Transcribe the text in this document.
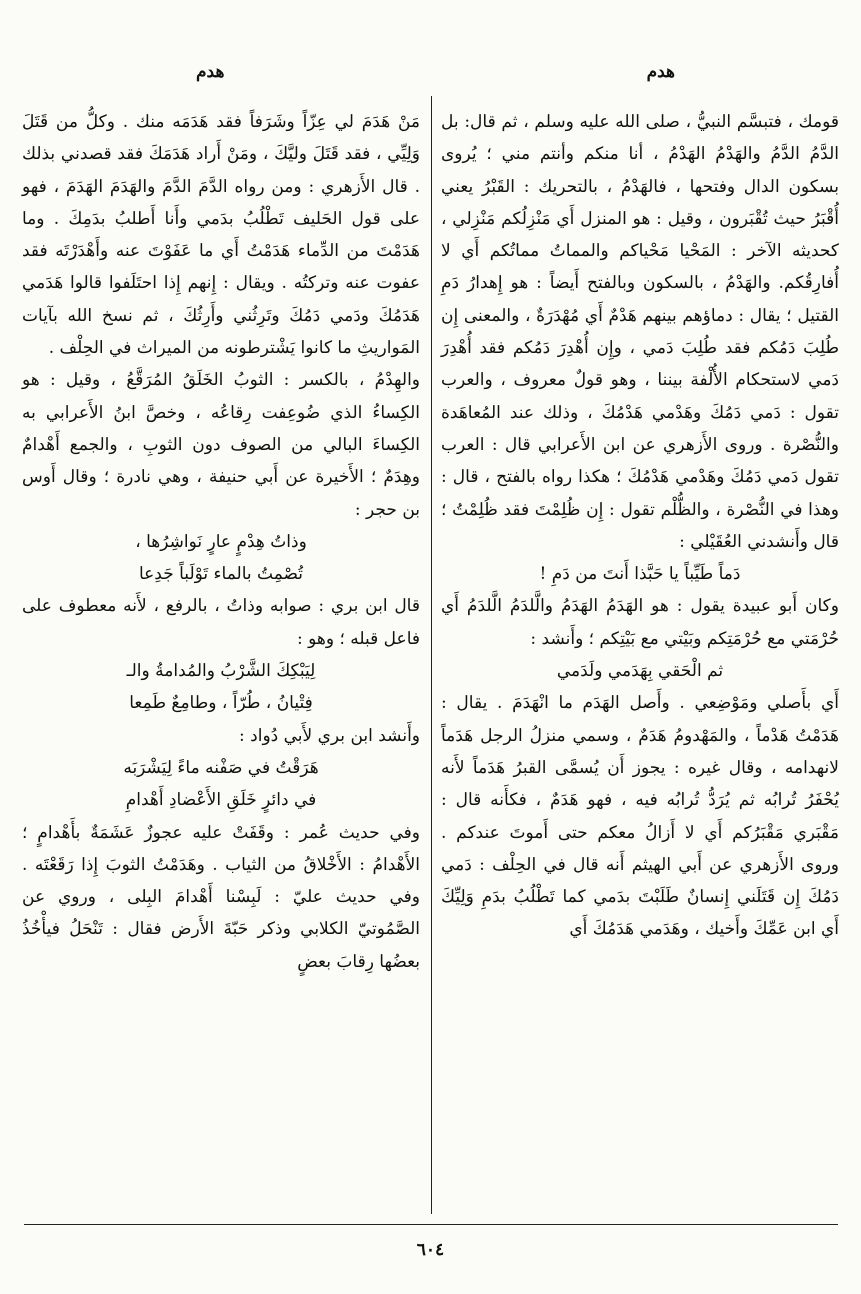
هدم
هدم

قومك ، فتبسَّم النبيُّ ، صلى الله عليه وسلم ، ثم قال: بل الدَّمُ الدَّمُ والهَدْمُ الهَدْمُ ، أنا منكم وأنتم مني ؛ يُروى بسكون الدال وفتحها ، فالهَدْمُ ، بالتحريك : القَبْرُ يعني أُقْبَرُ حيث تُقْبَرون ، وقيل : هو المنزل أَي مَنْزِلُكم مَنْزِلي ، كحديثه الآخر : المَحْيا مَحْياكم والمماتُ مماتُكم أَي لا أُفارِقُكم. والهَدْمُ ، بالسكون وبالفتح أَيضاً : هو إِهدارُ دَمِ القتيل ؛ يقال : دماؤهم بينهم هَدْمٌ أَي مُهْدَرَةٌ ، والمعنى إِن طُلِبَ دَمُكم فقد طُلِبَ دَمي ، وإِن أُهْدِرَ دَمُكم فقد أُهْدِرَ دَمي لاستحكام الأُلْفة بيننا ، وهو قولٌ معروف ، والعرب تقول : دَمي دَمُكَ وهَدْمي هَدْمُكَ ، وذلك عند المُعاهَدة والنُّصْرة . وروى الأَزهري عن ابن الأَعرابي قال : العرب تقول دَمي دَمُكَ وهَدْمي هَدْمُكَ ؛ هكذا رواه بالفتح ، قال : وهذا في النُّصْرة ، والظُّلْم تقول : إِن ظُلِمْتَ فقد ظُلِمْتُ ؛ قال وأَنشدني العُقَيْلي :

دَماً طَيِّباً يا حَبَّذا أَنتَ من دَمِ !

وكان أَبو عبيدة يقول : هو الهَدَمُ الهَدَمُ والَّلدَمُ الَّلدَمُ أَي حُرْمَتي مع حُرْمَتِكم وبَيْتي مع بَيْتِكم ؛ وأَنشد :

ثم الْحَقي بِهَدَمي ولَدَمي

أَي بأَصلي ومَوْضِعي . وأَصل الهَدَم ما انْهَدَمَ . يقال : هَدَمْتُ هَدْماً ، والمَهْدومُ هَدَمٌ ، وسمي منزلُ الرجل هَدَماً لانهدامه ، وقال غيره : يجوز أَن يُسمَّى القبرُ هَدَماً لأَنه يُحْفَرُ تُرابُه ثم يُرَدُّ تُرابُه فيه ، فهو هَدَمٌ ، فكأَنه قال : مَقْبَري مَقْبَرُكم أَي لا أَزالُ معكم حتى أَموتَ عندكم . وروى الأَزهري عن أَبي الهيثم أَنه قال في الحِلْف : دَمي دَمُكَ إِن قَتَلَني إِنسانٌ طَلَبْتَ بدَمي كما تَطْلُبُ بدَمِ وَلِيِّكَ أَي ابن عَمِّكَ وأَخيك ، وهَدَمي هَدَمُكَ أَي

مَنْ هَدَمَ لي عِزّاً وشَرَفاً فقد هَدَمَه منك . وكلُّ من قَتَلَ وَلِيِّي ، فقد قَتَلَ وليَّكَ ، ومَنْ أَراد هَدَمَكَ فقد قصدني بذلك . قال الأَزهري : ومن رواه الدَّمَ الدَّمَ والهَدَمَ الهَدَمَ ، فهو على قول الحَليف تَطْلُبُ بدَمي وأَنا أَطلبُ بدَمِكَ . وما هَدَمْتَ من الدِّماء هَدَمْتُ أَي ما عَفَوْتَ عنه وأَهْدَرْتَه فقد عفوت عنه وتركتُه . ويقال : إِنهم إِذا احتَلَفوا قالوا هَدَمي هَدَمُكَ ودَمي دَمُكَ وتَرِثُني وأَرِثُكَ ، ثم نسخ الله بآيات المَواريثِ ما كانوا يَشْترطونه من الميراث في الحِلْف .

والهِدْمُ ، بالكسر : الثوبُ الخَلَقُ المُرَقَّعُ ، وقيل : هو الكِساءُ الذي ضُوعِفت رِقاعُه ، وخصَّ ابنُ الأَعرابي به الكِساءَ البالي من الصوف دون الثوبِ ، والجمع أَهْدامٌ وهِدَمٌ ؛ الأَخيرة عن أَبي حنيفة ، وهي نادرة ؛ وقال أَوس بن حجر :

وذاتُ هِدْمٍ عارٍ نَواشِرُها ،

تُصْمِتُ بالماء تَوْلَباً جَدِعا

قال ابن بري : صوابه وذاتُ ، بالرفع ، لأَنه معطوف على فاعل قبله ؛ وهو :

لِيَبْكِكَ الشَّرْبُ والمُدامةُ والـ

فِتْيانُ ، طُرّاً ، وطامِعٌ طَمِعا

وأَنشد ابن بري لأَبي دُواد :

هَرَقْتُ في صَفْنه ماءً لِيَشْرَبَه

في دائرٍ خَلَقِ الأَعْضادِ أَهْدامِ

وفي حديث عُمر : وقَفَتْ عليه عجوزٌ عَشَمَةٌ بأَهْدامٍ ؛ الأَهْدامُ : الأَخْلاقُ من الثياب . وهَدَمْتُ الثوبَ إِذا رَقَعْتَه . وفي حديث عليّ : لَبِسْنا أَهْدامَ البِلى ، وروي عن الصَّمُوتيّ الكلابي وذكر حَبّةَ الأَرض فقال : تَنْحَلُ فيأْخُذُ بعضُها رِقابَ بعضٍ

٦٠٤
